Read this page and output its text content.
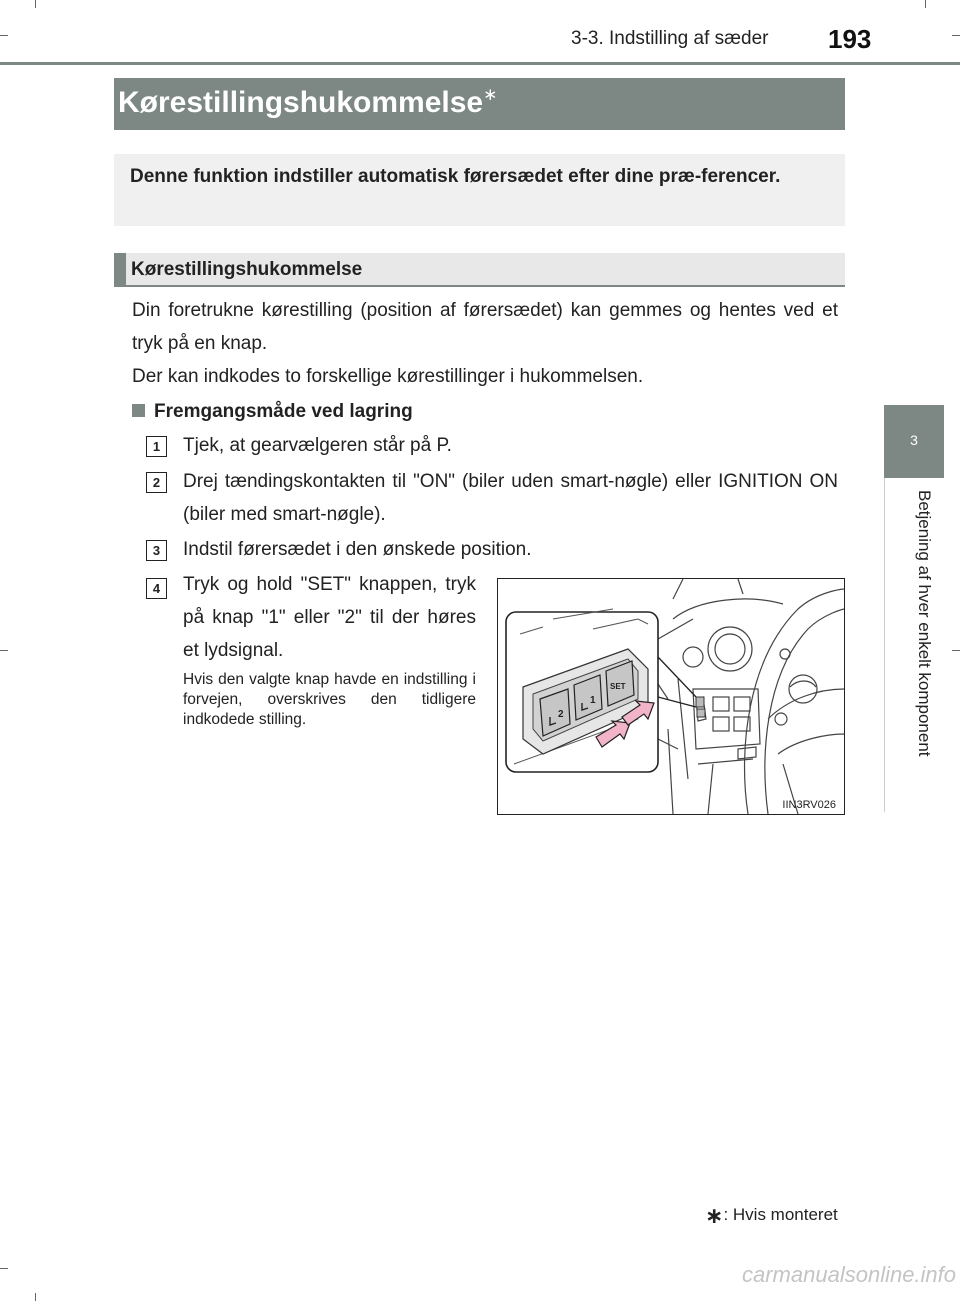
3-3. Indstilling af sæder 193
3
Betjening af hver enkelt komponent
Kørestillingshukommelse∗
Denne funktion indstiller automatisk førersædet efter dine præ-ferencer.
Kørestillingshukommelse
Din foretrukne kørestilling (position af førersædet) kan gemmes og hentes ved et tryk på en knap.
Der kan indkodes to forskellige kørestillinger i hukommelsen.
Fremgangsmåde ved lagring
1	Tjek, at gearvælgeren står på P.
2	Drej tændingskontakten til "ON" (biler uden smart-nøgle) eller IGNITION ON (biler med smart-nøgle).
3	Indstil førersædet i den ønskede position.
4	Tryk og hold "SET" knappen, tryk på knap "1" eller "2" til der høres et lydsignal.
Hvis den valgte knap havde en indstilling i forvejen, overskrives den tidligere indkodede stilling.	2
1
SET
IIN3RV026
∗: Hvis monteret
carmanualsonline.info
